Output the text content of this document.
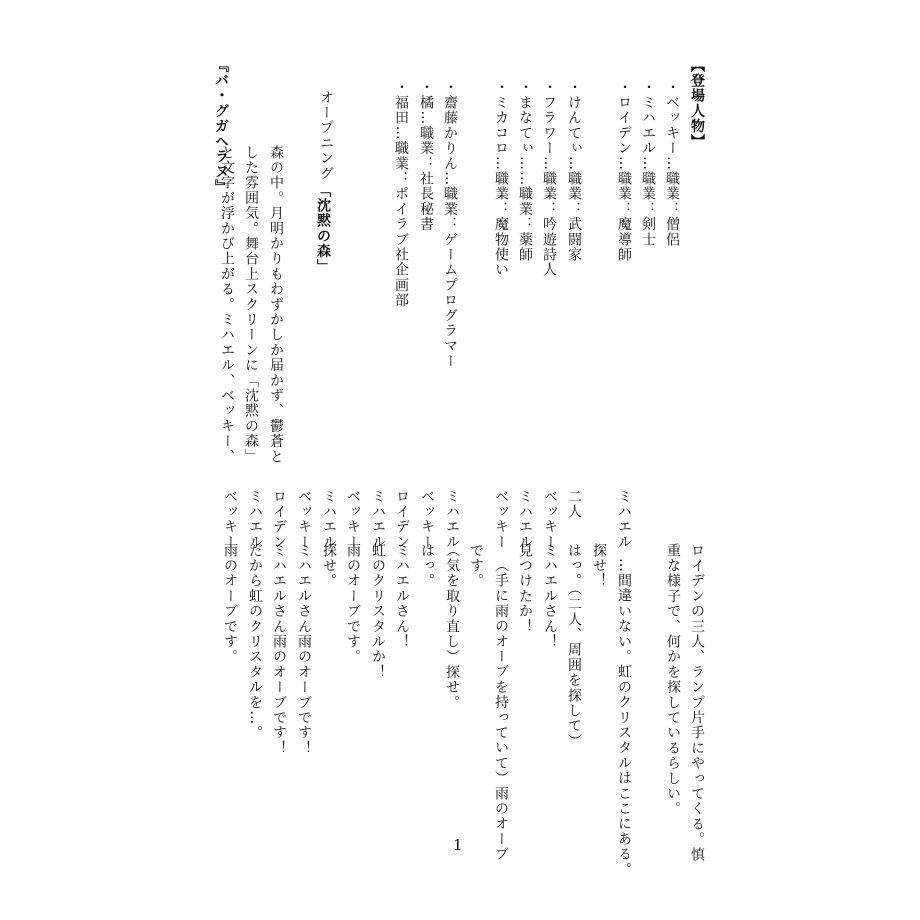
【登場人物】
・ベッキー…職業：僧侶
・ミハエル…職業：剣士
・ロイデン…職業：魔導師
・けんてぃ…職業：武闘家
・フラワー…職業：吟遊詩人
・まなてぃ……職業：薬師
・ミカコロ…職業：魔物使い
・齋藤かりん…職業：ゲームプログラマー
・橘…職業：社長秘書
・福田…職業：ポイラブ社企画部
オープニング
「沈黙の森」
森の中。月明かりもわずかしか届かず、鬱蒼と
した雰囲気。舞台上スクリーンに「沈黙の森」
と文字が浮かび上がる。ミハエル、ベッキー、
『バ・グガヘラヌ』
ロイデンの三人、ランプ片手にやってくる。慎
重な様子で、何かを探しているらしい。
ミハエル
…間違いない。虹のクリスタルはここにある。
探せ！
二人
はっ。（二人、周囲を探して）
ベッキー
ミハエルさん！
ミハエル
見つけたか！
ベッキー
（手に雨のオーブを持っていて）雨のオーブ
です。
ミハエル
（気を取り直し）探せ。
ベッキー
はっ。
ロイデン
ミハエルさん！
ミハエル
虹のクリスタルか！
ベッキー
雨のオーブです。
ミハエル
探せ。
ベッキー
ミハエルさん雨のオーブです！
ロイデン
ミハエルさん雨のオーブです！
ミハエル
だから虹のクリスタルを…。
ベッキー
雨のオーブです。
1
